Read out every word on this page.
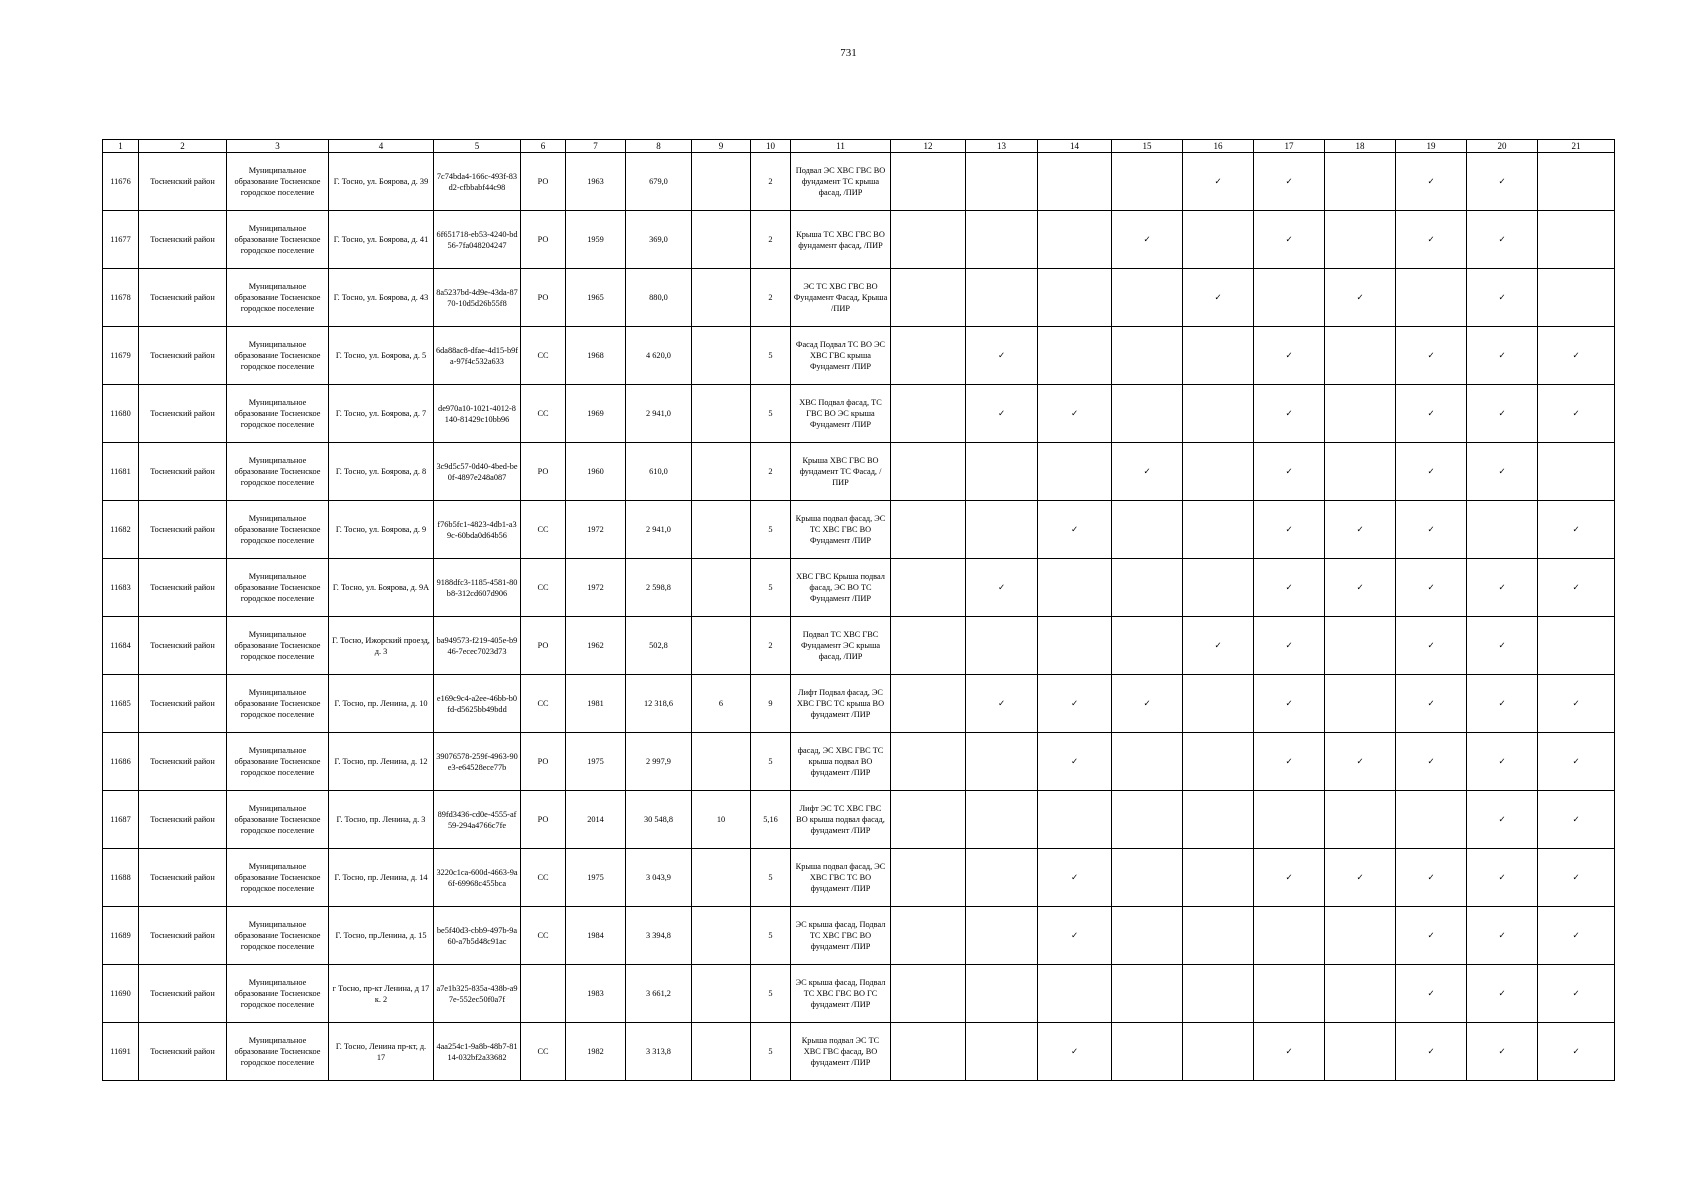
731
1	2	3	4	5	6	7	8	9	10	11	12	13	14	15	16	17	18	19	20	21
11676	Тосненский район	Муниципальное образование Тосненское городское поселение	Г. Тосно, ул. Боярова, д. 39	7c74bda4-166c-493f-83d2-cfbbabf44c98	РО	1963	679,0		2	Подвал ЭС ХВС ГВС ВО фундамент ТС крыша фасад, /ПИР					✓	✓		✓	✓	
11677	Тосненский район	Муниципальное образование Тосненское городское поселение	Г. Тосно, ул. Боярова, д. 41	6f651718-eb53-4240-bd56-7fa048204247	РО	1959	369,0		2	Крыша ТС ХВС ГВС ВО фундамент фасад, /ПИР				✓		✓		✓	✓	
11678	Тосненский район	Муниципальное образование Тосненское городское поселение	Г. Тосно, ул. Боярова, д. 43	8a5237bd-4d9e-43da-8770-10d5d26b55f8	РО	1965	880,0		2	ЭС ТС ХВС ГВС ВО Фундамент Фасад, Крыша /ПИР					✓		✓		✓	
11679	Тосненский район	Муниципальное образование Тосненское городское поселение	Г. Тосно, ул. Боярова, д. 5	6da88ac8-dfae-4d15-b9fa-97f4c532a633	СС	1968	4 620,0		5	Фасад Подвал ТС ВО ЭС ХВС ГВС крыша Фундамент /ПИР		✓				✓		✓	✓	✓
11680	Тосненский район	Муниципальное образование Тосненское городское поселение	Г. Тосно, ул. Боярова, д. 7	de970a10-1021-4012-8140-81429c10bb96	СС	1969	2 941,0		5	ХВС Подвал фасад, ТС ГВС ВО ЭС крыша Фундамент /ПИР		✓	✓			✓		✓	✓	✓
11681	Тосненский район	Муниципальное образование Тосненское городское поселение	Г. Тосно, ул. Боярова, д. 8	3c9d5c57-0d40-4bed-be0f-4897e248a087	РО	1960	610,0		2	Крыша ХВС ГВС ВО фундамент ТС Фасад, /ПИР				✓		✓		✓	✓	
11682	Тосненский район	Муниципальное образование Тосненское городское поселение	Г. Тосно, ул. Боярова, д. 9	f76b5fc1-4823-4db1-a39c-60bda0d64b56	СС	1972	2 941,0		5	Крыша подвал фасад, ЭС ТС ХВС ГВС ВО Фундамент /ПИР			✓			✓	✓	✓		✓
11683	Тосненский район	Муниципальное образование Тосненское городское поселение	Г. Тосно, ул. Боярова, д. 9А	9188dfc3-1185-4581-80b8-312cd607d906	СС	1972	2 598,8		5	ХВС ГВС Крыша подвал фасад, ЭС ВО ТС Фундамент /ПИР		✓				✓	✓	✓	✓	✓
11684	Тосненский район	Муниципальное образование Тосненское городское поселение	Г. Тосно, Ижорский проезд, д. 3	ba949573-f219-405e-b946-7ecec7023d73	РО	1962	502,8		2	Подвал ТС ХВС ГВС Фундамент ЭС крыша фасад, /ПИР					✓	✓		✓	✓	
11685	Тосненский район	Муниципальное образование Тосненское городское поселение	Г. Тосно, пр. Ленина, д. 10	e169c9c4-a2ee-46bb-b0fd-d5625bb49bdd	СС	1981	12 318,6	6	9	Лифт Подвал фасад, ЭС ХВС ГВС ТС крыша ВО фундамент /ПИР		✓	✓	✓		✓		✓	✓	✓
11686	Тосненский район	Муниципальное образование Тосненское городское поселение	Г. Тосно, пр. Ленина, д. 12	39076578-259f-4963-90e3-e64528ece77b	РО	1975	2 997,9		5	фасад, ЭС ХВС ГВС ТС крыша подвал ВО фундамент /ПИР			✓			✓	✓	✓	✓	✓
11687	Тосненский район	Муниципальное образование Тосненское городское поселение	Г. Тосно, пр. Ленина, д. 3	89fd3436-cd0e-4555-af59-294a4766c7fe	РО	2014	30 548,8	10	5,16	Лифт ЭС ТС ХВС ГВС ВО крыша подвал фасад, фундамент /ПИР									✓	✓
11688	Тосненский район	Муниципальное образование Тосненское городское поселение	Г. Тосно, пр. Ленина, д. 14	3220c1ca-600d-4663-9a6f-69968c455bca	СС	1975	3 043,9		5	Крыша подвал фасад, ЭС ХВС ГВС ТС ВО фундамент /ПИР			✓			✓	✓	✓	✓	✓
11689	Тосненский район	Муниципальное образование Тосненское городское поселение	Г. Тосно, пр.Ленина, д. 15	be5f40d3-cbb9-497b-9a60-a7b5d48c91ac	СС	1984	3 394,8		5	ЭС крыша фасад, Подвал ТС ХВС ГВС ВО фундамент /ПИР			✓					✓	✓	✓
11690	Тосненский район	Муниципальное образование Тосненское городское поселение	г Тосно, пр-кт Ленина, д 17 к. 2	a7e1b325-835a-438b-a97e-552ec50f0a7f		1983	3 661,2		5	ЭС крыша фасад, Подвал ТС ХВС ГВС ВО ГС фундамент /ПИР								✓	✓	✓
11691	Тосненский район	Муниципальное образование Тосненское городское поселение	Г. Тосно, Ленина пр-кт, д. 17	4aa254c1-9a8b-48b7-8114-032bf2a33682	СС	1982	3 313,8		5	Крыша подвал ЭС ТС ХВС ГВС фасад, ВО фундамент /ПИР			✓			✓		✓	✓	✓
